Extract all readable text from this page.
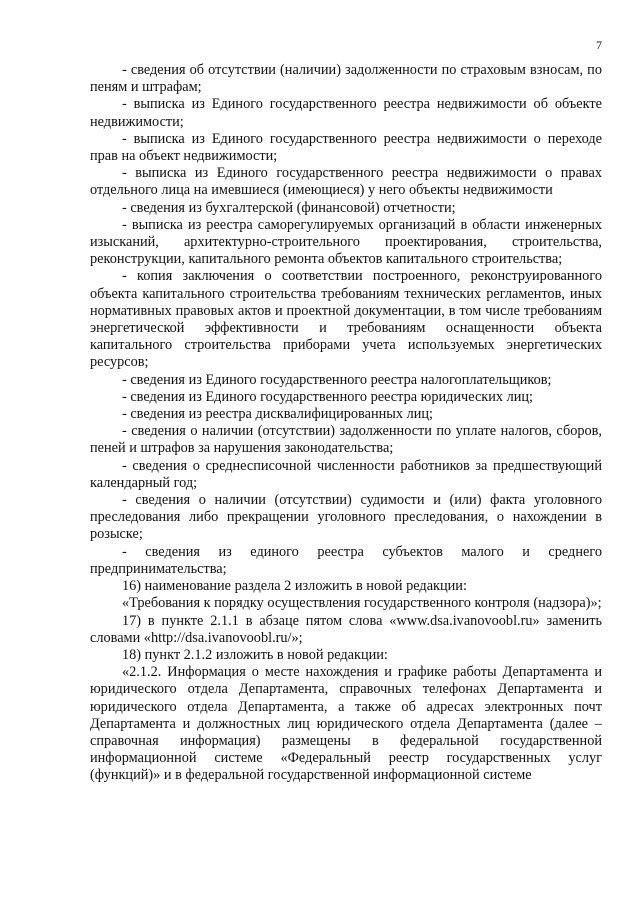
7

- сведения об отсутствии (наличии) задолженности по страховым взносам, по пеням и штрафам;

- выписка из Единого государственного реестра недвижимости об объекте недвижимости;

- выписка из Единого государственного реестра недвижимости о переходе прав на объект недвижимости;

- выписка из Единого государственного реестра недвижимости о правах отдельного лица на имевшиеся (имеющиеся) у него объекты недвижимости

- сведения из бухгалтерской (финансовой) отчетности;

- выписка из реестра саморегулируемых организаций в области инженерных изысканий, архитектурно-строительного проектирования, строительства, реконструкции, капитального ремонта объектов капитального строительства;

- копия заключения о соответствии построенного, реконструированного объекта капитального строительства требованиям технических регламентов, иных нормативных правовых актов и проектной документации, в том числе требованиям энергетической эффективности и требованиям оснащенности объекта капитального строительства приборами учета используемых энергетических ресурсов;

- сведения из Единого государственного реестра налогоплательщиков;

- сведения из Единого государственного реестра юридических лиц;

- сведения из реестра дисквалифицированных лиц;

- сведения о наличии (отсутствии) задолженности по уплате налогов, сборов, пеней и штрафов за нарушения законодательства;

- сведения о среднесписочной численности работников за предшествующий календарный год;

- сведения о наличии (отсутствии) судимости и (или) факта уголовного преследования либо прекращении уголовного преследования, о нахождении в розыске;

- сведения из единого реестра субъектов малого и среднего предпринимательства;

16) наименование раздела 2 изложить в новой редакции:

«Требования к порядку осуществления государственного контроля (надзора)»;

17) в пункте 2.1.1 в абзаце пятом слова «www.dsa.ivanovoobl.ru» заменить словами «http://dsa.ivanovoobl.ru/»;

18) пункт 2.1.2 изложить в новой редакции:

«2.1.2. Информация о месте нахождения и графике работы Департамента и юридического отдела Департамента, справочных телефонах Департамента и юридического отдела Департамента, а также об адресах электронных почт Департамента и должностных лиц юридического отдела Департамента (далее – справочная информация) размещены в федеральной государственной информационной системе «Федеральный реестр государственных услуг (функций)» и в федеральной государственной информационной системе
